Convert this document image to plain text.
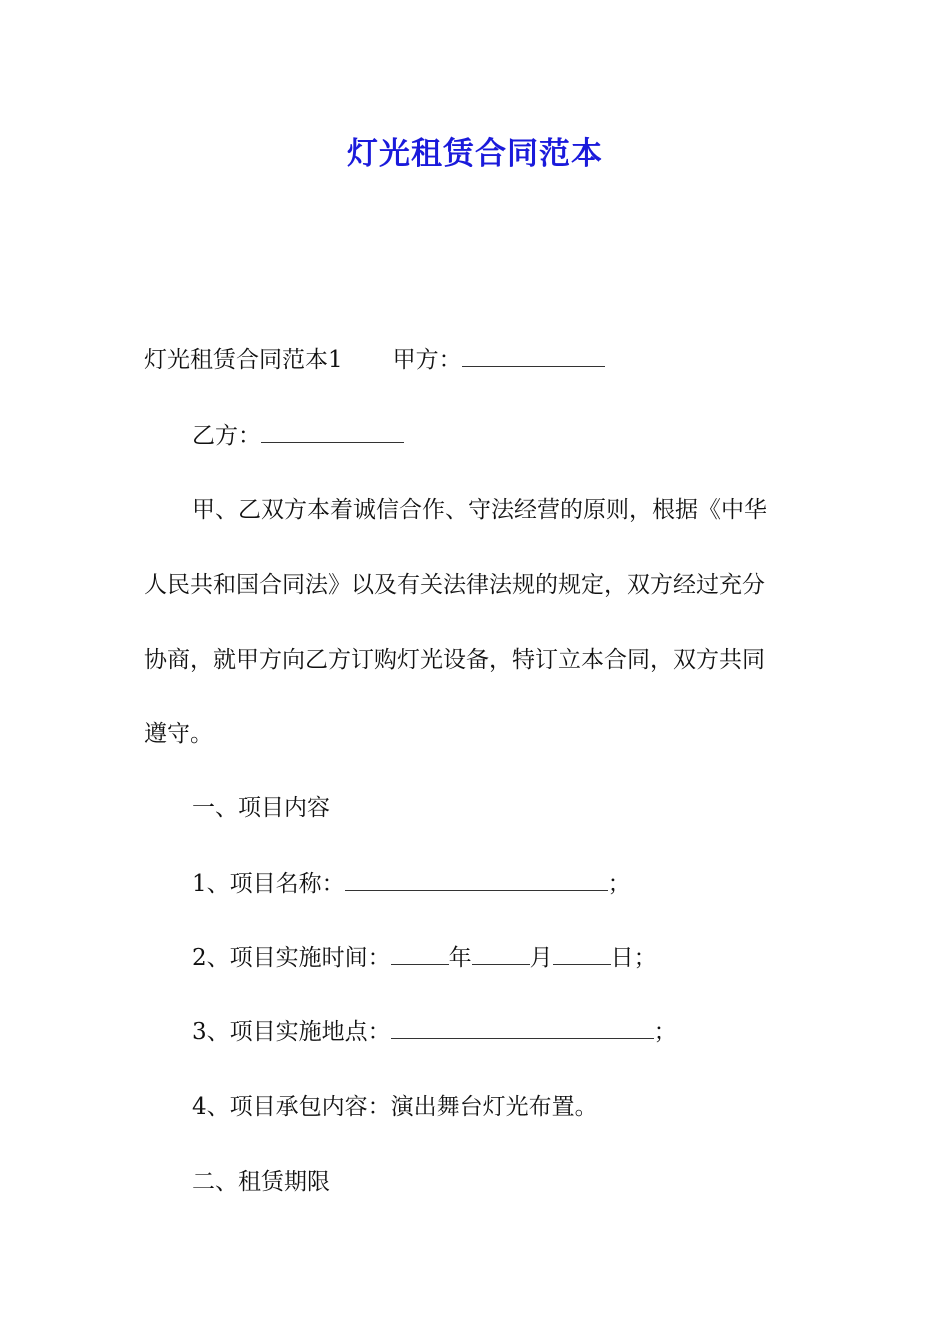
灯光租赁合同范本
灯光租赁合同范本1 甲方：
乙方：
甲、乙双方本着诚信合作、守法经营的原则，根据《中华
人民共和国合同法》以及有关法律法规的规定，双方经过充分
协商，就甲方向乙方订购灯光设备，特订立本合同，双方共同
遵守。
一、项目内容
1、项目名称：	；
2、项目实施时间：	年	月	日；
3、项目实施地点：	；
4、项目承包内容：演出舞台灯光布置。
二、租赁期限
